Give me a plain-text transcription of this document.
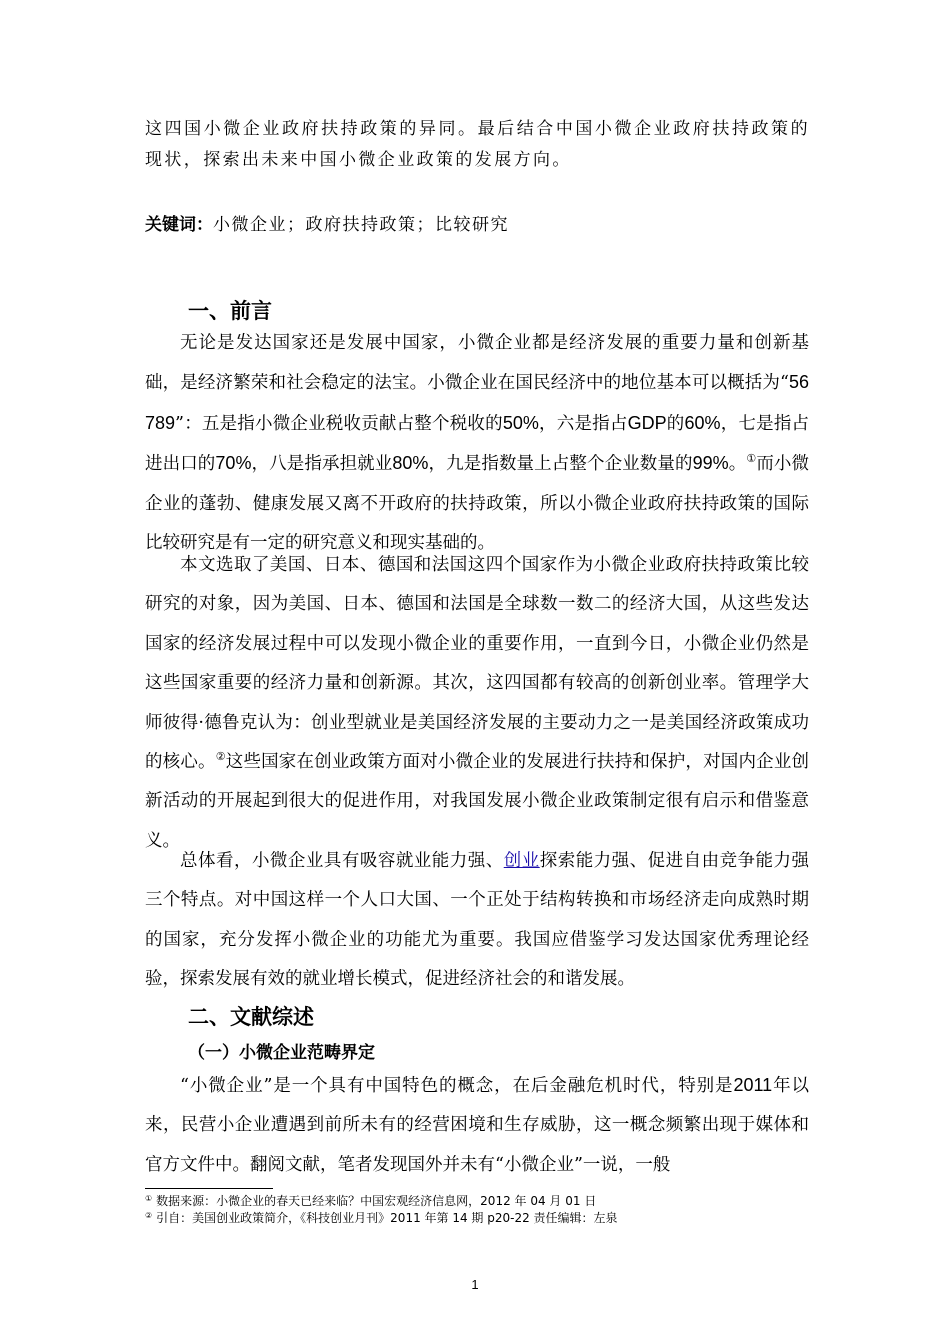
这四国小微企业政府扶持政策的异同。最后结合中国小微企业政府扶持政策的现状，探索出未来中国小微企业政策的发展方向。

关键词：小微企业；政府扶持政策；比较研究

一、前言

无论是发达国家还是发展中国家，小微企业都是经济发展的重要力量和创新基础，是经济繁荣和社会稳定的法宝。小微企业在国民经济中的地位基本可以概括为“56789”：五是指小微企业税收贡献占整个税收的50%，六是指占GDP的60%，七是指占进出口的70%，八是指承担就业80%，九是指数量上占整个企业数量的99%。①而小微企业的蓬勃、健康发展又离不开政府的扶持政策，所以小微企业政府扶持政策的国际比较研究是有一定的研究意义和现实基础的。

本文选取了美国、日本、德国和法国这四个国家作为小微企业政府扶持政策比较研究的对象，因为美国、日本、德国和法国是全球数一数二的经济大国，从这些发达国家的经济发展过程中可以发现小微企业的重要作用，一直到今日，小微企业仍然是这些国家重要的经济力量和创新源。其次，这四国都有较高的创新创业率。管理学大师彼得·德鲁克认为：创业型就业是美国经济发展的主要动力之一是美国经济政策成功的核心。②这些国家在创业政策方面对小微企业的发展进行扶持和保护，对国内企业创新活动的开展起到很大的促进作用，对我国发展小微企业政策制定很有启示和借鉴意义。

总体看，小微企业具有吸容就业能力强、创业探索能力强、促进自由竞争能力强三个特点。对中国这样一个人口大国、一个正处于结构转换和市场经济走向成熟时期的国家，充分发挥小微企业的功能尤为重要。我国应借鉴学习发达国家优秀理论经验，探索发展有效的就业增长模式，促进经济社会的和谐发展。

二、文献综述
（一）小微企业范畴界定

“小微企业”是一个具有中国特色的概念，在后金融危机时代，特别是2011年以来，民营小企业遭遇到前所未有的经营困境和生存威胁，这一概念频繁出现于媒体和官方文件中。翻阅文献，笔者发现国外并未有“小微企业”一说，一般

① 数据来源：小微企业的春天已经来临？中国宏观经济信息网，2012 年 04 月 01 日

② 引自：美国创业政策简介，《科技创业月刊》2011 年第 14 期 p20-22 责任编辑：左泉

1
